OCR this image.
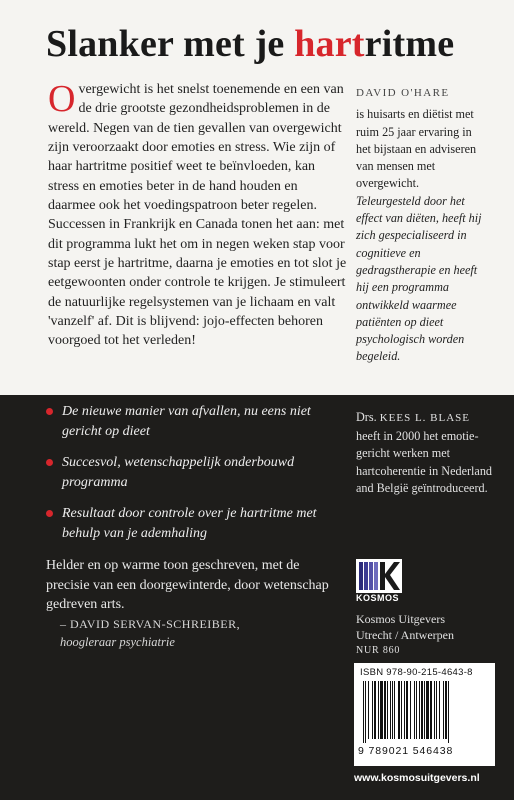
Slanker met je hartritme
Overgewicht is het snelst toenemende en een van de drie grootste gezondheidsproblemen in de wereld. Negen van de tien gevallen van overgewicht zijn veroorzaakt door emoties en stress. Wie zijn of haar hartritme positief weet te beïnvloeden, kan stress en emoties beter in de hand houden en daarmee ook het voedingspatroon beter regelen. Successen in Frankrijk en Canada tonen het aan: met dit programma lukt het om in negen weken stap voor stap eerst je hartritme, daarna je emoties en tot slot je eetgewoonten onder controle te krijgen. Je stimuleert de natuurlijke regelsystemen van je lichaam en valt 'vanzelf' af. Dit is blijvend: jojo-effecten behoren voorgoed tot het verleden!
DAVID O'HARE
is huisarts en diëtist met ruim 25 jaar ervaring in het bijstaan en adviseren van mensen met overgewicht. Teleurgesteld door het effect van diëten, heeft hij zich gespecialiseerd in cognitieve en gedragstherapie en heeft hij een programma ontwikkeld waarmee patiënten op dieet psychologisch worden begeleid.
De nieuwe manier van afvallen, nu eens niet gericht op dieet
Succesvol, wetenschappelijk onderbouwd programma
Resultaat door controle over je hartritme met behulp van je ademhaling
Helder en op warme toon geschreven, met de precisie van een doorgewinterde, door wetenschap gedreven arts.
– DAVID SERVAN-SCHREIBER,
hoogleraar psychiatrie
Drs. KEES L. BLASE heeft in 2000 het emotie-gericht werken met hartcoherentie in Nederland and België geïntroduceerd.
KOSMOS
Kosmos Uitgevers
Utrecht / Antwerpen
NUR 860
ISBN 978-90-215-4643-8
9 789021 546438
www.kosmosuitgevers.nl
